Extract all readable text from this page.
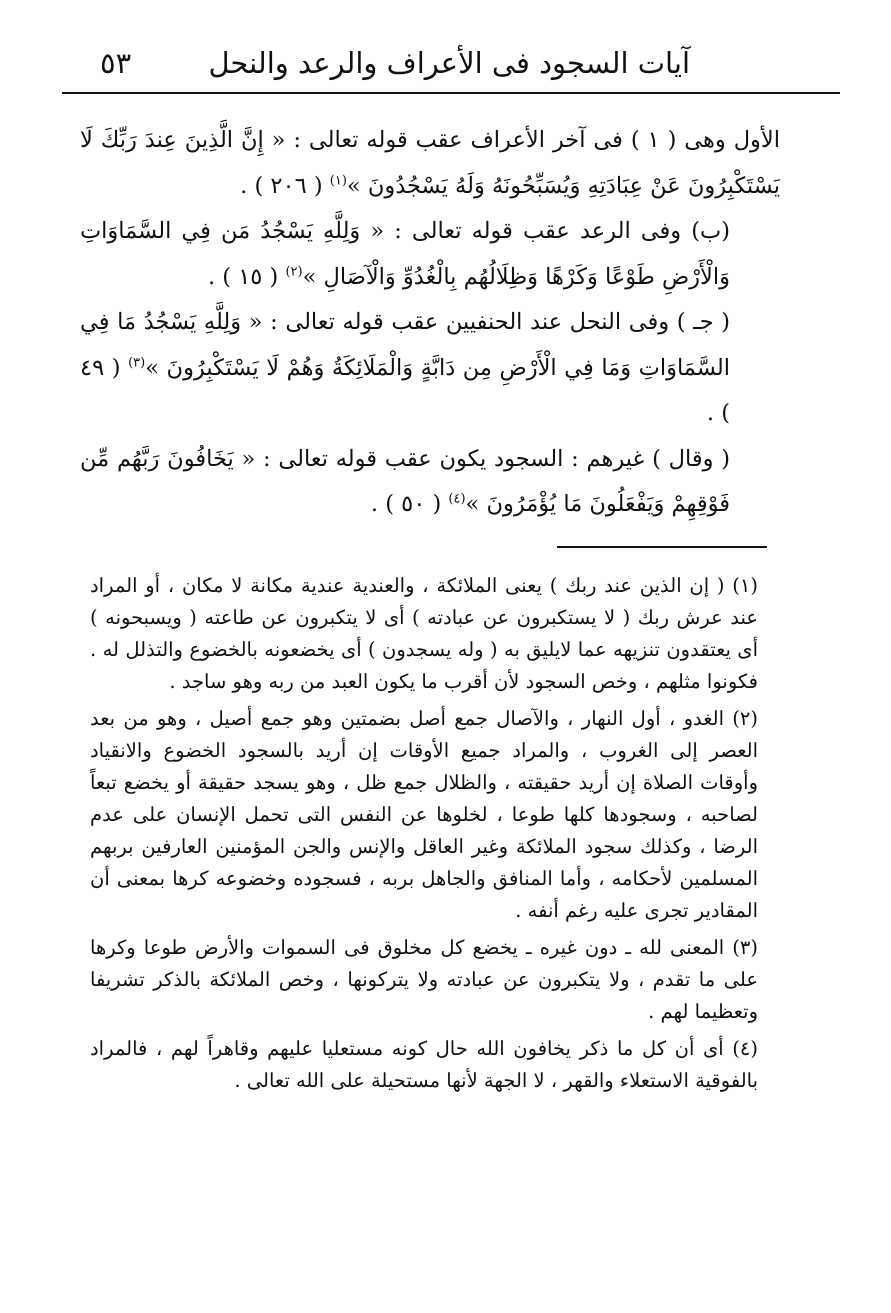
آيات السجود فى الأعراف والرعد والنحل
٥٣

الأول وهى ( ١ ) فى آخر الأعراف عقب قوله تعالى : « إِنَّ الَّذِينَ عِندَ رَبِّكَ لَا يَسْتَكْبِرُونَ عَنْ عِبَادَتِهِ وَيُسَبِّحُونَهُ وَلَهُ يَسْجُدُونَ »$^{(١)}$ ( ٢٠٦ ) .

(ب) وفى الرعد عقب قوله تعالى : « وَلِلَّهِ يَسْجُدُ مَن فِي السَّمَاوَاتِ وَالْأَرْضِ طَوْعًا وَكَرْهًا وَظِلَالُهُم بِالْغُدُوِّ وَالْآصَالِ »$^{(٢)}$ ( ١٥ ) .

( جـ ) وفى النحل عند الحنفيين عقب قوله تعالى : « وَلِلَّهِ يَسْجُدُ مَا فِي السَّمَاوَاتِ وَمَا فِي الْأَرْضِ مِن دَابَّةٍ وَالْمَلَائِكَةُ وَهُمْ لَا يَسْتَكْبِرُونَ »$^{(٣)}$ ( ٤٩ ) .

( وقال ) غيرهم : السجود يكون عقب قوله تعالى : « يَخَافُونَ رَبَّهُم مِّن فَوْقِهِمْ وَيَفْعَلُونَ مَا يُؤْمَرُونَ »$^{(٤)}$ ( ٥٠ ) .

(١) ( إن الذين عند ربك ) يعنى الملائكة ، والعندية عندية مكانة لا مكان ، أو المراد عند عرش ربك ( لا يستكبرون عن عبادته ) أى لا يتكبرون عن طاعته ( ويسبحونه ) أى يعتقدون تنزيهه عما لايليق به ( وله يسجدون ) أى يخضعونه بالخضوع والتذلل له . فكونوا مثلهم ، وخص السجود لأن أقرب ما يكون العبد من ربه وهو ساجد .

(٢) الغدو ، أول النهار ، والآصال جمع أصل بضمتين وهو جمع أصيل ، وهو من بعد العصر إلى الغروب ، والمراد جميع الأوقات إن أريد بالسجود الخضوع والانقياد وأوقات الصلاة إن أريد حقيقته ، والظلال جمع ظل ، وهو يسجد حقيقة أو يخضع تبعاً لصاحبه ، وسجودها كلها طوعا ، لخلوها عن النفس التى تحمل الإنسان على عدم الرضا ، وكذلك سجود الملائكة وغير العاقل والإنس والجن المؤمنين العارفين بربهم المسلمين لأحكامه ، وأما المنافق والجاهل بربه ، فسجوده وخضوعه كرها بمعنى أن المقادير تجرى عليه رغم أنفه .

(٣) المعنى لله ـ دون غيره ـ يخضع كل مخلوق فى السموات والأرض طوعا وكرها على ما تقدم ، ولا يتكبرون عن عبادته ولا يتركونها ، وخص الملائكة بالذكر تشريفا وتعظيما لهم .

(٤) أى أن كل ما ذكر يخافون الله حال كونه مستعليا عليهم وقاهراً لهم ، فالمراد بالفوقية الاستعلاء والقهر ، لا الجهة لأنها مستحيلة على الله تعالى .
